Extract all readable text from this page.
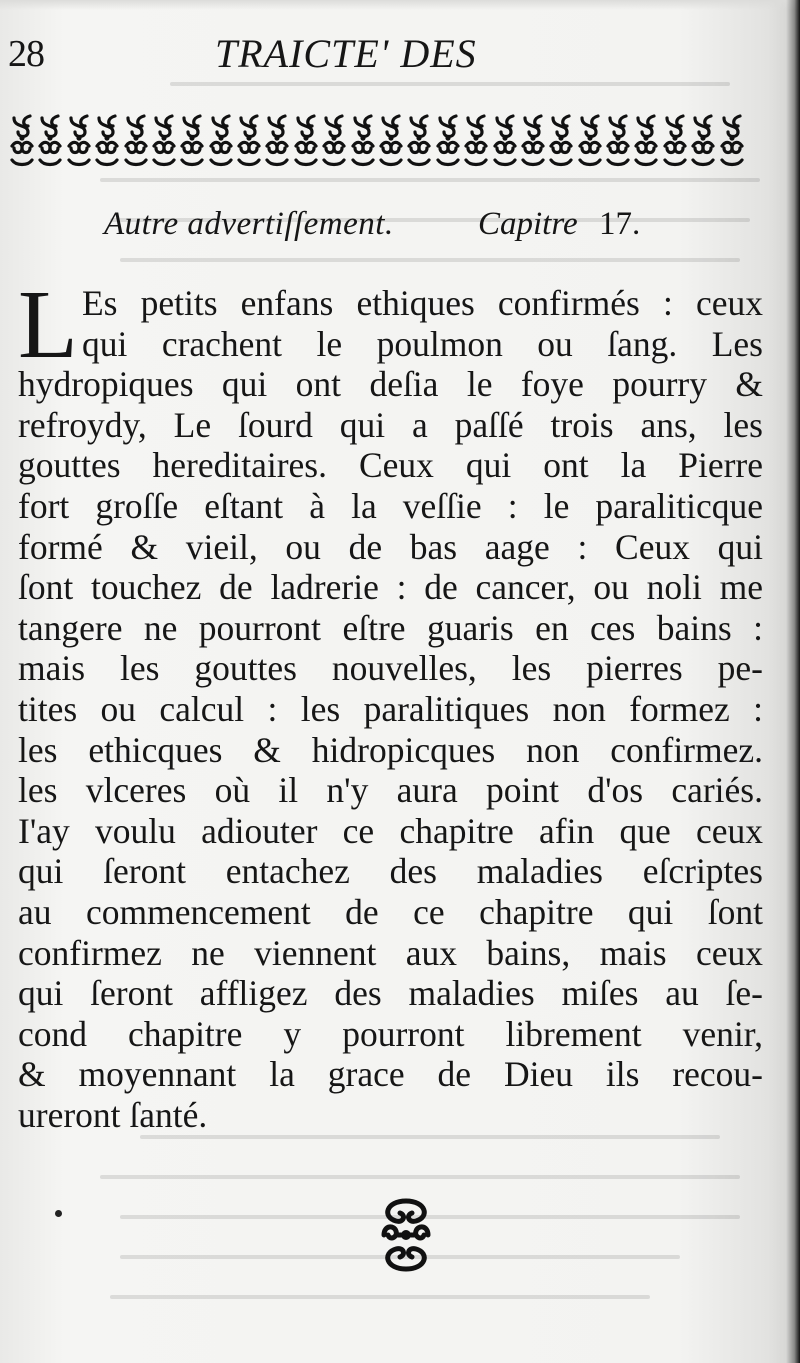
28	TRAICTE' DES
Autre advertiſſement.	Capitre 17.
L Es petits enfans ethiques confirmés : ceux
qui crachent le poulmon ou ſang. Les
hydropiques qui ont deſia le foye pourry &
refroydy, Le ſourd qui a paſſé trois ans, les
gouttes hereditaires. Ceux qui ont la Pierre
fort groſſe eſtant à la veſſie : le paraliticque
formé & vieil, ou de bas aage : Ceux qui
ſont touchez de ladrerie : de cancer, ou noli me
tangere ne pourront eſtre guaris en ces bains :
mais les gouttes nouvelles, les pierres pe-
tites ou calcul : les paralitiques non formez :
les ethicques & hidropicques non confirmez.
les vlceres où il n'y aura point d'os cariés.
I'ay voulu adiouter ce chapitre afin que ceux
qui ſeront entachez des maladies eſcriptes
au commencement de ce chapitre qui ſont
confirmez ne viennent aux bains, mais ceux
qui ſeront affligez des maladies miſes au ſe-
cond chapitre y pourront librement venir,
& moyennant la grace de Dieu ils recou-
ureront ſanté.
